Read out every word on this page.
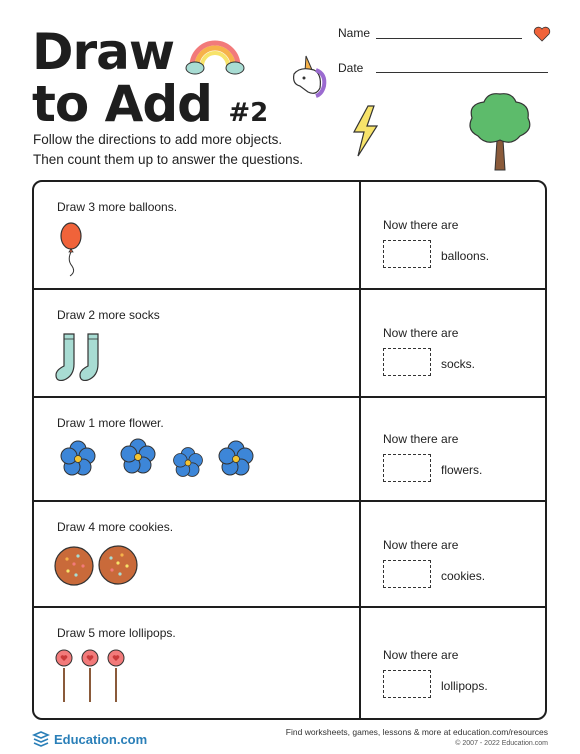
Draw
to Add #2
Name
Date
Follow the directions to add more objects.
Then count them up to answer the questions.
Draw 3 more balloons.
Now there are
balloons.
Draw 2 more socks
Now there are
socks.
Draw 1 more flower.
Now there are
flowers.
Draw 4 more cookies.
Now there are
cookies.
Draw 5 more lollipops.
Now there are
lollipops.
Education.com	Find worksheets, games, lessons & more at education.com/resources
© 2007 - 2022 Education.com
